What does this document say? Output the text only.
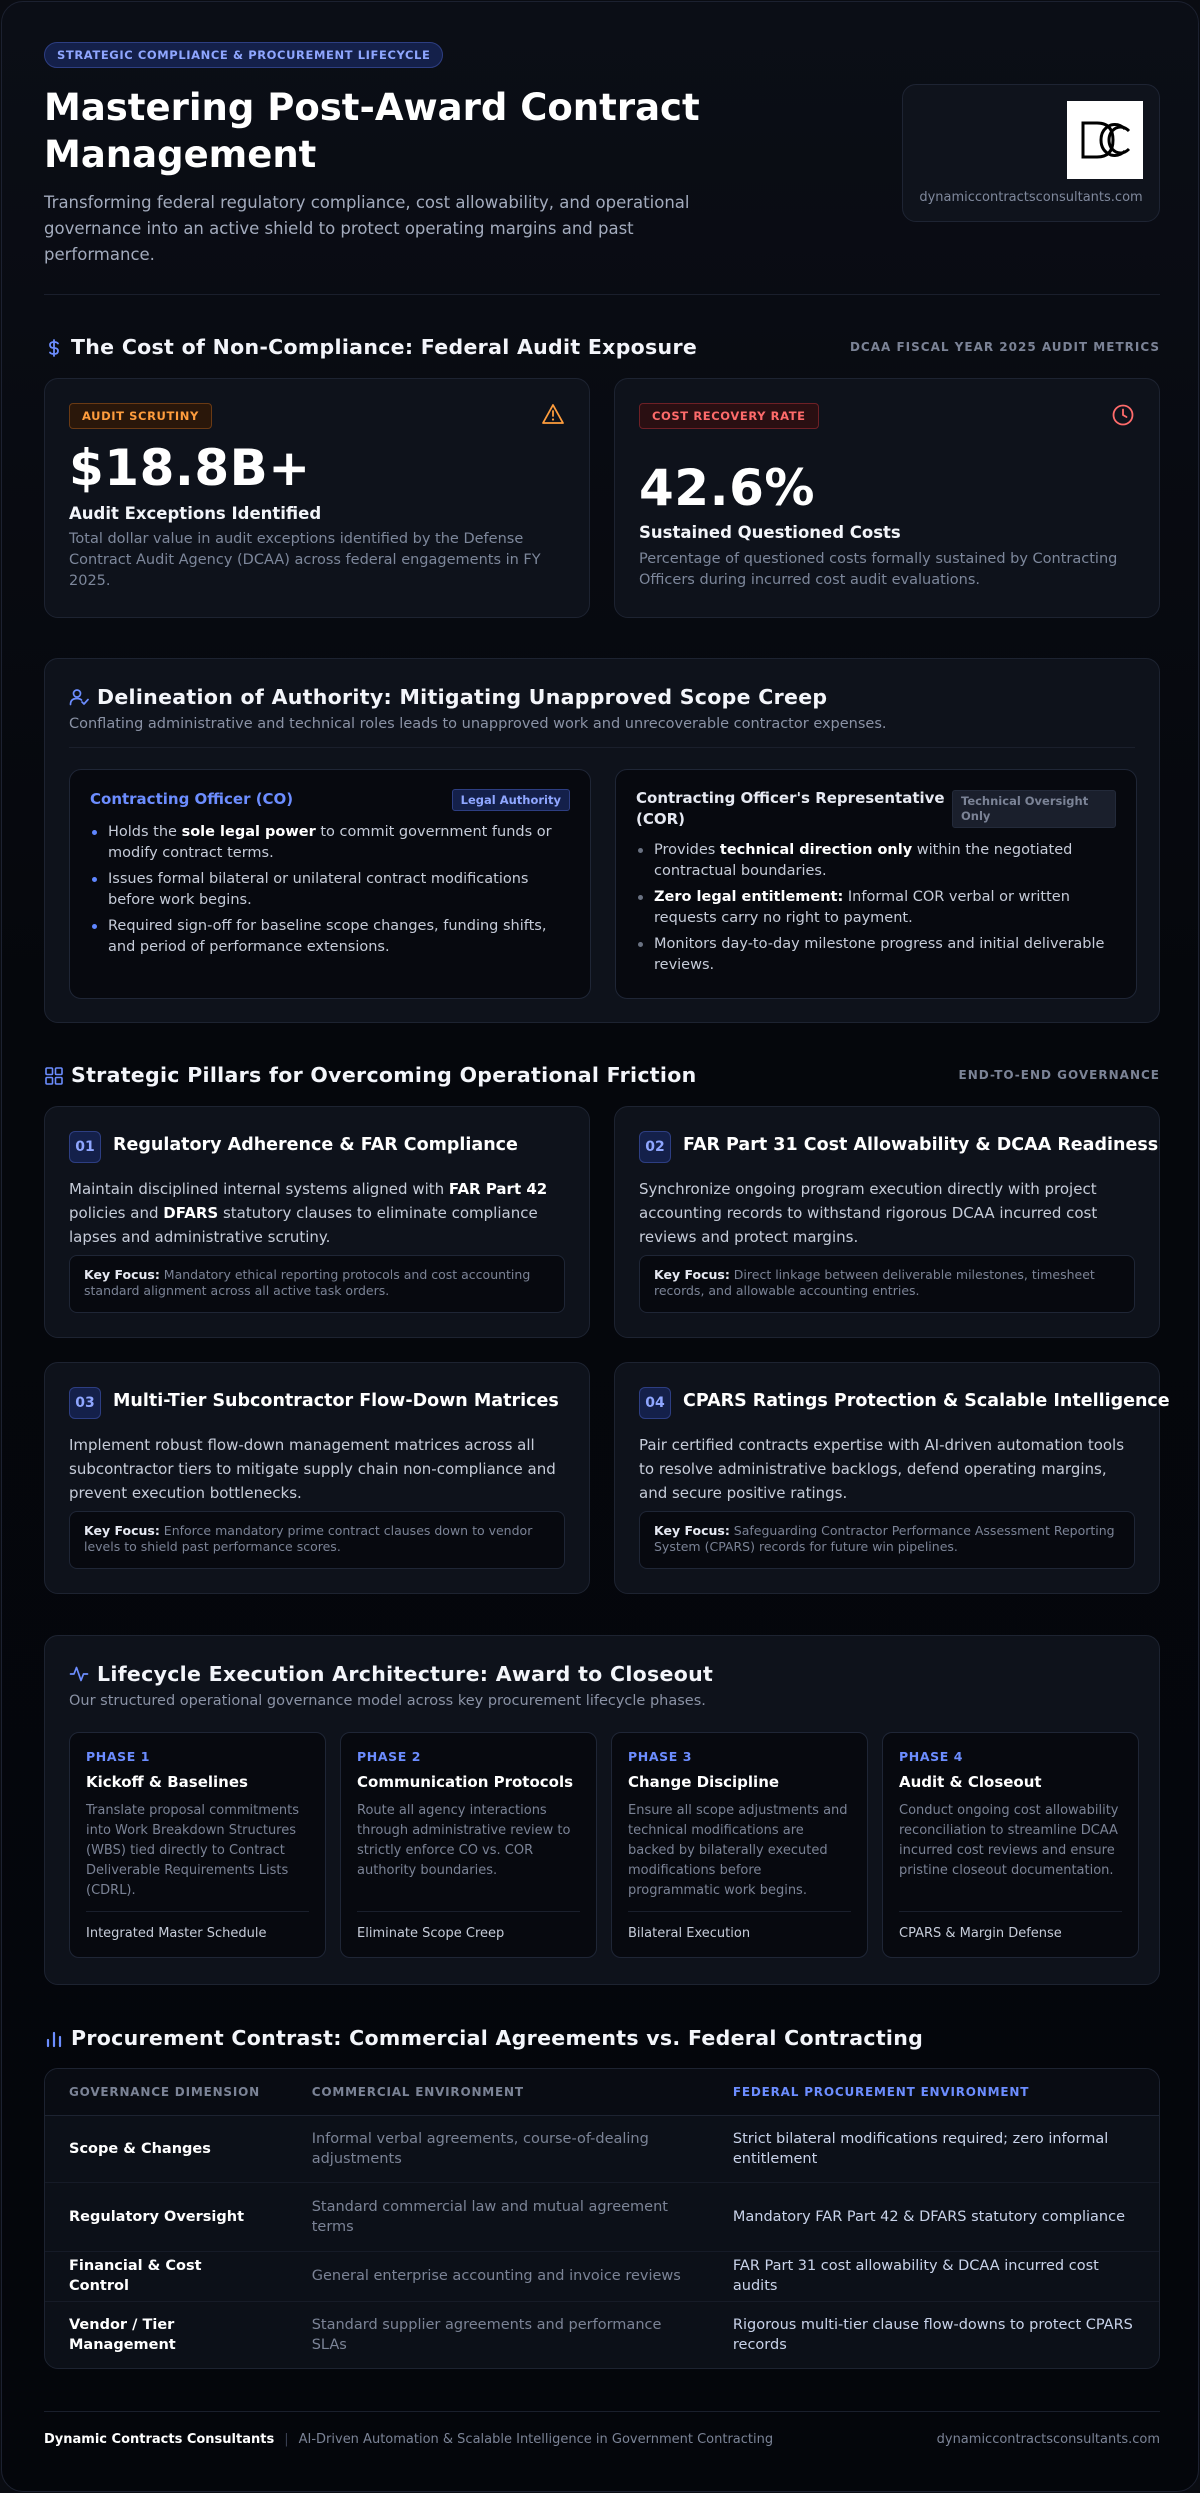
STRATEGIC COMPLIANCE & PROCUREMENT LIFECYCLE
Mastering Post-Award Contract Management

Transforming federal regulatory compliance, cost allowability, and operational governance into an active shield to protect operating margins and past performance.

dynamiccontractsconsultants.com
The Cost of Non-Compliance: Federal Audit Exposure	DCAA FISCAL YEAR 2025 AUDIT METRICS
AUDIT SCRUTINY
$18.8B+
Audit Exceptions Identified
Total dollar value in audit exceptions identified by the Defense Contract Audit Agency (DCAA) across federal engagements in FY 2025.
COST RECOVERY RATE
42.6%
Sustained Questioned Costs
Percentage of questioned costs formally sustained by Contracting Officers during incurred cost audit evaluations.
Delineation of Authority: Mitigating Unapproved Scope Creep
Conflating administrative and technical roles leads to unapproved work and unrecoverable contractor expenses.
Contracting Officer (CO)	Legal Authority
Holds the sole legal power to commit government funds or modify contract terms.
Issues formal bilateral or unilateral contract modifications before work begins.
Required sign-off for baseline scope changes, funding shifts, and period of performance extensions.
Contracting Officer's Representative
(COR)
Technical Oversight
Only
Provides technical direction only within the negotiated contractual boundaries.
Zero legal entitlement: Informal COR verbal or written requests carry no right to payment.
Monitors day-to-day milestone progress and initial deliverable reviews.
Strategic Pillars for Overcoming Operational Friction	END-TO-END GOVERNANCE
01	Regulatory Adherence & FAR Compliance
Maintain disciplined internal systems aligned with FAR Part 42 policies and DFARS statutory clauses to eliminate compliance lapses and administrative scrutiny.
Key Focus: Mandatory ethical reporting protocols and cost accounting standard alignment across all active task orders.
02	FAR Part 31 Cost Allowability & DCAA Readiness
Synchronize ongoing program execution directly with project accounting records to withstand rigorous DCAA incurred cost reviews and protect margins.
Key Focus: Direct linkage between deliverable milestones, timesheet records, and allowable accounting entries.
03	Multi-Tier Subcontractor Flow-Down Matrices
Implement robust flow-down management matrices across all subcontractor tiers to mitigate supply chain non-compliance and prevent execution bottlenecks.
Key Focus: Enforce mandatory prime contract clauses down to vendor levels to shield past performance scores.
04	CPARS Ratings Protection & Scalable Intelligence
Pair certified contracts expertise with AI-driven automation tools to resolve administrative backlogs, defend operating margins, and secure positive ratings.
Key Focus: Safeguarding Contractor Performance Assessment Reporting System (CPARS) records for future win pipelines.
Lifecycle Execution Architecture: Award to Closeout
Our structured operational governance model across key procurement lifecycle phases.
PHASE 1
Kickoff & Baselines
Translate proposal commitments into Work Breakdown Structures (WBS) tied directly to Contract Deliverable Requirements Lists (CDRL).
Integrated Master Schedule
PHASE 2
Communication Protocols
Route all agency interactions through administrative review to strictly enforce CO vs. COR authority boundaries.
Eliminate Scope Creep
PHASE 3
Change Discipline
Ensure all scope adjustments and technical modifications are backed by bilaterally executed modifications before programmatic work begins.
Bilateral Execution
PHASE 4
Audit & Closeout
Conduct ongoing cost allowability reconciliation to streamline DCAA incurred cost reviews and ensure pristine closeout documentation.
CPARS & Margin Defense
Procurement Contrast: Commercial Agreements vs. Federal Contracting
GOVERNANCE DIMENSION	COMMERCIAL ENVIRONMENT	FEDERAL PROCUREMENT ENVIRONMENT
Scope & Changes	Informal verbal agreements, course-of-dealing adjustments	Strict bilateral modifications required; zero informal entitlement
Regulatory Oversight	Standard commercial law and mutual agreement terms	Mandatory FAR Part 42 & DFARS statutory compliance
Financial & Cost Control	General enterprise accounting and invoice reviews	FAR Part 31 cost allowability & DCAA incurred cost audits
Vendor / Tier Management	Standard supplier agreements and performance SLAs	Rigorous multi-tier clause flow-downs to protect CPARS records
Dynamic Contracts Consultants | AI-Driven Automation & Scalable Intelligence in Government Contracting	dynamiccontractsconsultants.com
